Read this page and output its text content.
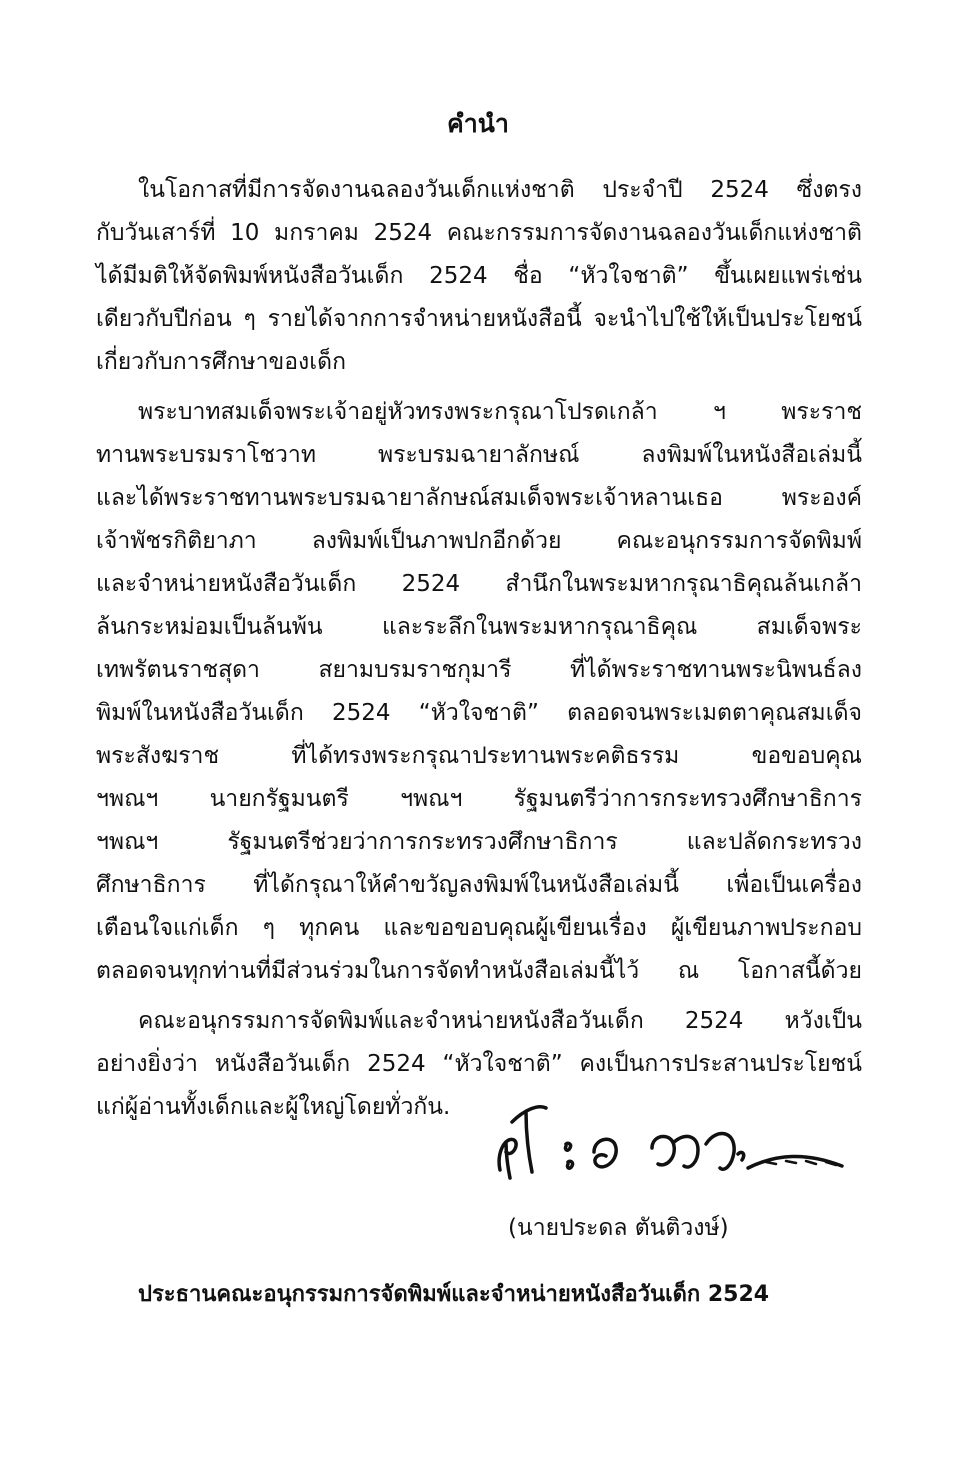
คำนำ

ในโอกาสที่มีการจัดงานฉลองวันเด็กแห่งชาติ ประจำปี 2524 ซึ่งตรง

กับวันเสาร์ที่ 10 มกราคม 2524 คณะกรรมการจัดงานฉลองวันเด็กแห่งชาติ

ได้มีมติให้จัดพิมพ์หนังสือวันเด็ก 2524 ชื่อ “หัวใจชาติ” ขึ้นเผยแพร่เช่น

เดียวกับปีก่อน ๆ รายได้จากการจำหน่ายหนังสือนี้ จะนำไปใช้ให้เป็นประโยชน์

เกี่ยวกับการศึกษาของเด็ก

พระบาทสมเด็จพระเจ้าอยู่หัวทรงพระกรุณาโปรดเกล้า ฯ พระราช

ทานพระบรมราโชวาท พระบรมฉายาลักษณ์ ลงพิมพ์ในหนังสือเล่มนี้

และได้พระราชทานพระบรมฉายาลักษณ์สมเด็จพระเจ้าหลานเธอ พระองค์

เจ้าพัชรกิติยาภา ลงพิมพ์เป็นภาพปกอีกด้วย คณะอนุกรรมการจัดพิมพ์

และจำหน่ายหนังสือวันเด็ก 2524 สำนึกในพระมหากรุณาธิคุณล้นเกล้า

ล้นกระหม่อมเป็นล้นพ้น และระลึกในพระมหากรุณาธิคุณ สมเด็จพระ

เทพรัตนราชสุดา สยามบรมราชกุมารี ที่ได้พระราชทานพระนิพนธ์ลง

พิมพ์ในหนังสือวันเด็ก 2524 “หัวใจชาติ” ตลอดจนพระเมตตาคุณสมเด็จ

พระสังฆราช ที่ได้ทรงพระกรุณาประทานพระคติธรรม ขอขอบคุณ

ฯพณฯ นายกรัฐมนตรี ฯพณฯ รัฐมนตรีว่าการกระทรวงศึกษาธิการ

ฯพณฯ รัฐมนตรีช่วยว่าการกระทรวงศึกษาธิการ และปลัดกระทรวง

ศึกษาธิการ ที่ได้กรุณาให้คำขวัญลงพิมพ์ในหนังสือเล่มนี้ เพื่อเป็นเครื่อง

เตือนใจแก่เด็ก ๆ ทุกคน และขอขอบคุณผู้เขียนเรื่อง ผู้เขียนภาพประกอบ

ตลอดจนทุกท่านที่มีส่วนร่วมในการจัดทำหนังสือเล่มนี้ไว้ ณ โอกาสนี้ด้วย

คณะอนุกรรมการจัดพิมพ์และจำหน่ายหนังสือวันเด็ก 2524 หวังเป็น

อย่างยิ่งว่า หนังสือวันเด็ก 2524 “หัวใจชาติ” คงเป็นการประสานประโยชน์

แก่ผู้อ่านทั้งเด็กและผู้ใหญ่โดยทั่วกัน.

(นายประดล ตันติวงษ์)

ประธานคณะอนุกรรมการจัดพิมพ์และจำหน่ายหนังสือวันเด็ก 2524
